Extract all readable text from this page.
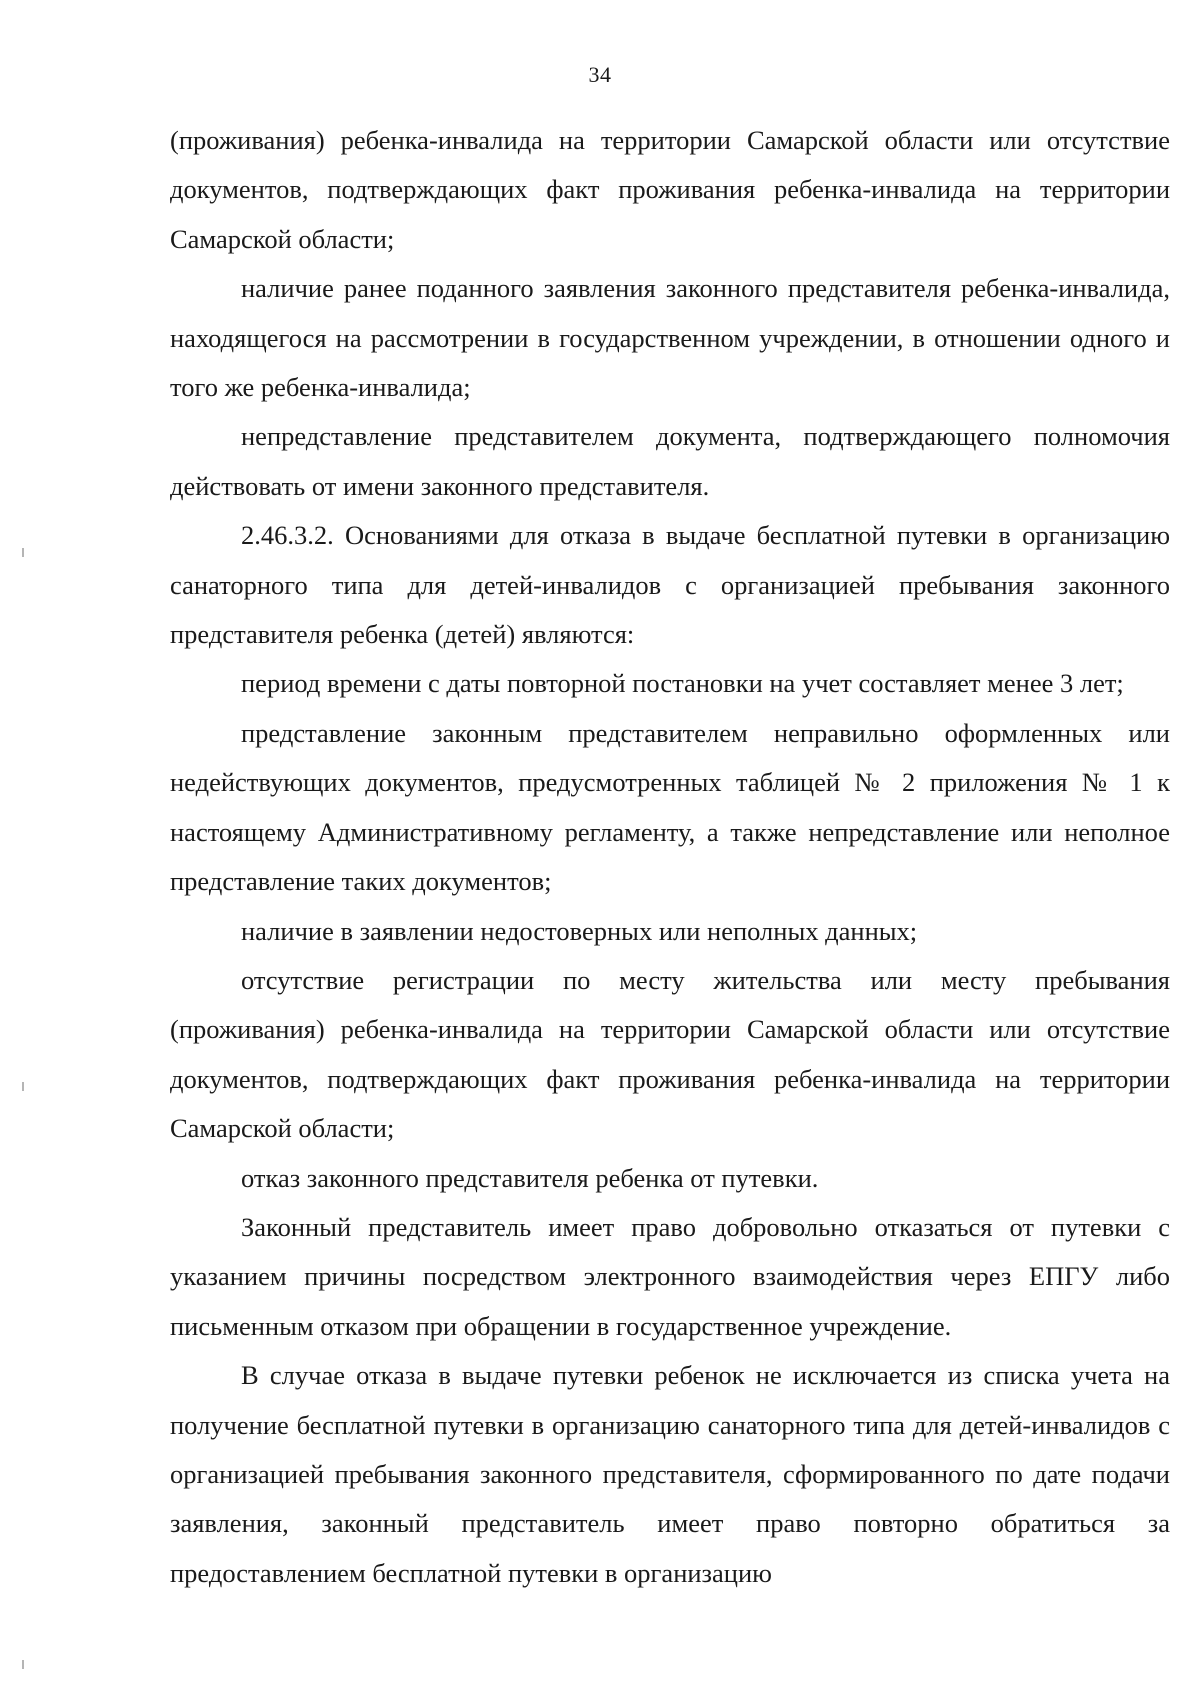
34

(проживания) ребенка-инвалида на территории Самарской области или отсутствие документов, подтверждающих факт проживания ребенка-инвалида на территории Самарской области;

наличие ранее поданного заявления законного представителя ребенка-инвалида, находящегося на рассмотрении в государственном учреждении, в отношении одного и того же ребенка-инвалида;

непредставление представителем документа, подтверждающего полномочия действовать от имени законного представителя.

2.46.3.2. Основаниями для отказа в выдаче бесплатной путевки в организацию санаторного типа для детей-инвалидов с организацией пребывания законного представителя ребенка (детей) являются:

период времени с даты повторной постановки на учет составляет менее 3 лет;

представление законным представителем неправильно оформленных или недействующих документов, предусмотренных таблицей № 2 приложения № 1 к настоящему Административному регламенту, а также непредставление или неполное представление таких документов;

наличие в заявлении недостоверных или неполных данных;

отсутствие регистрации по месту жительства или месту пребывания (проживания) ребенка-инвалида на территории Самарской области или отсутствие документов, подтверждающих факт проживания ребенка-инвалида на территории Самарской области;

отказ законного представителя ребенка от путевки.

Законный представитель имеет право добровольно отказаться от путевки с указанием причины посредством электронного взаимодействия через ЕПГУ либо письменным отказом при обращении в государственное учреждение.

В случае отказа в выдаче путевки ребенок не исключается из списка учета на получение бесплатной путевки в организацию санаторного типа для детей-инвалидов с организацией пребывания законного представителя, сформированного по дате подачи заявления, законный представитель имеет право повторно обратиться за предоставлением бесплатной путевки в организацию
